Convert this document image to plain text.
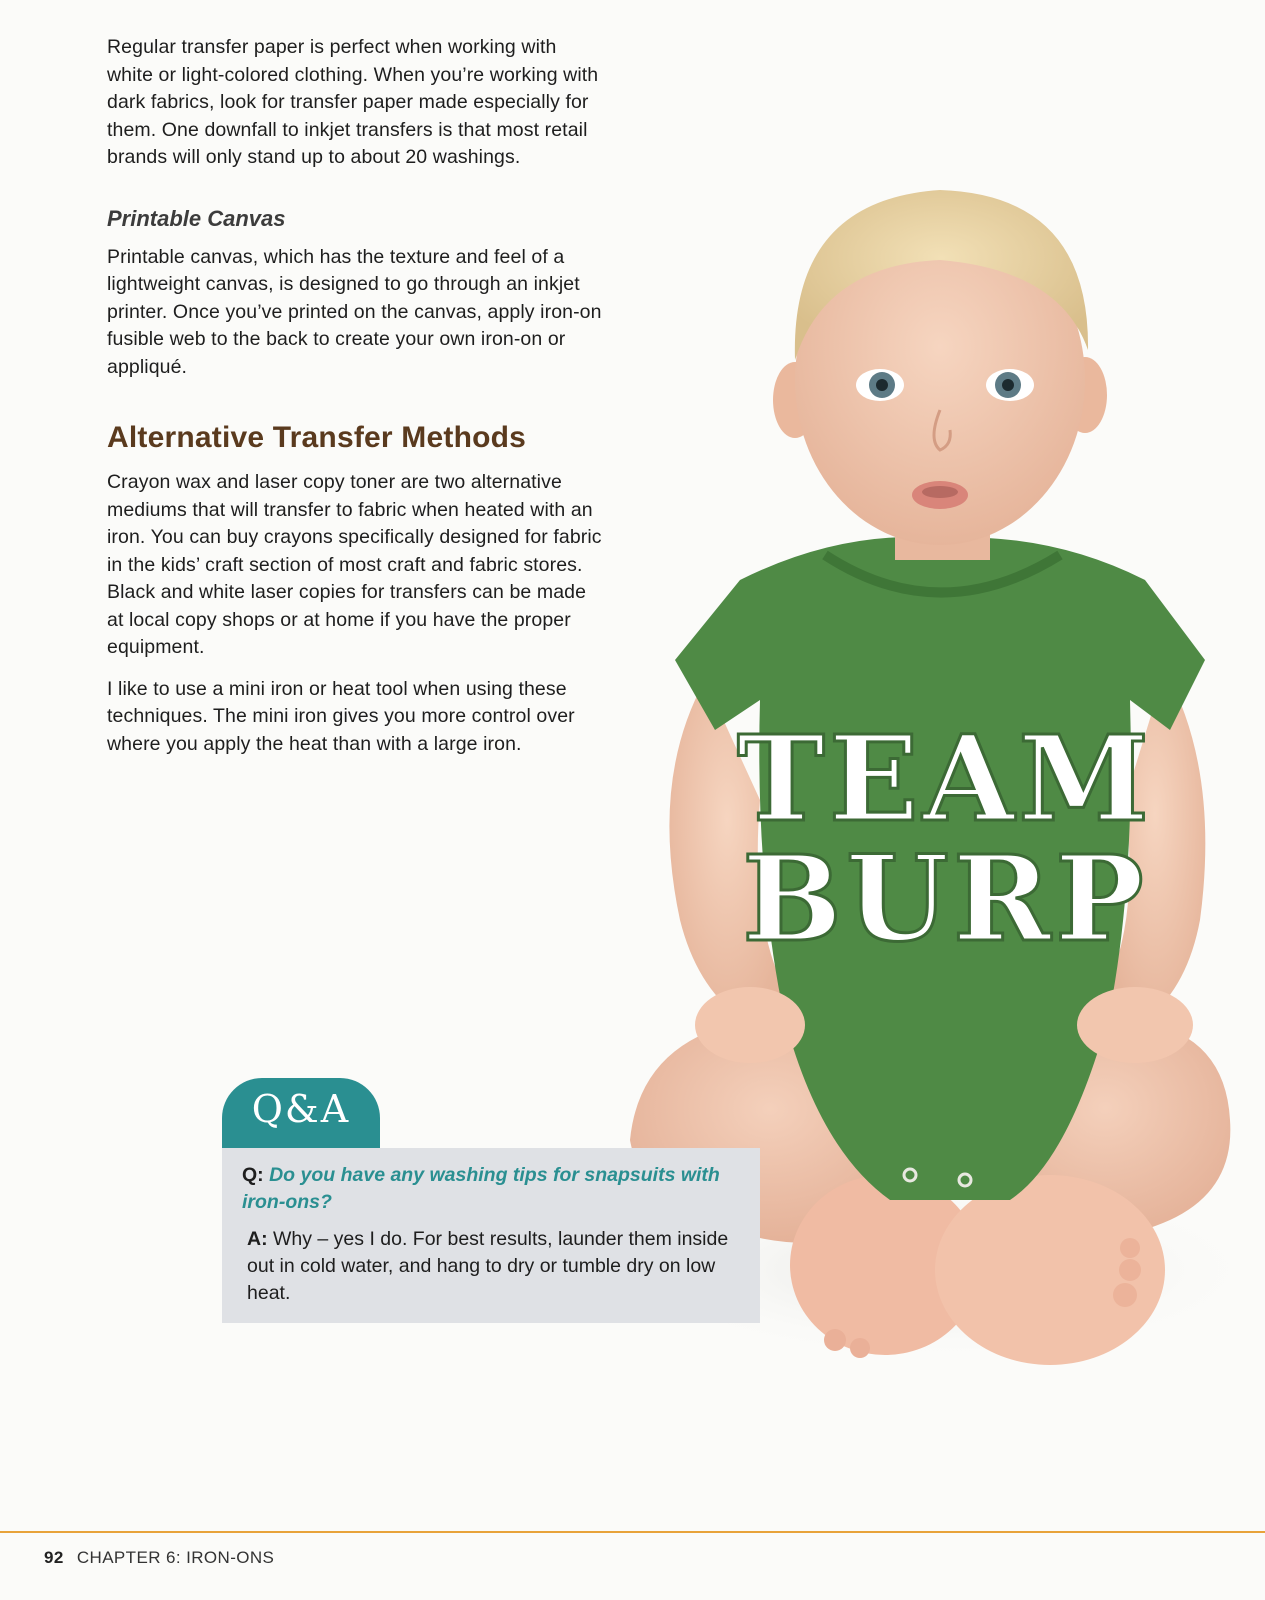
Regular transfer paper is perfect when working with white or light-colored clothing. When you’re working with dark fabrics, look for transfer paper made especially for them. One downfall to inkjet transfers is that most retail brands will only stand up to about 20 washings.

Printable Canvas

Printable canvas, which has the texture and feel of a lightweight canvas, is designed to go through an inkjet printer. Once you’ve printed on the canvas, apply iron-on fusible web to the back to create your own iron-on or appliqué.

Alternative Transfer Methods

Crayon wax and laser copy toner are two alternative mediums that will transfer to fabric when heated with an iron. You can buy crayons specifically designed for fabric in the kids’ craft section of most craft and fabric stores. Black and white laser copies for transfers can be made at local copy shops or at home if you have the proper equipment.

I like to use a mini iron or heat tool when using these techniques. The mini iron gives you more control over where you apply the heat than with a large iron.	TEAM
BURP
Q&A

Q: Do you have any washing tips for snapsuits with iron-ons?

A: Why – yes I do. For best results, launder them inside out in cold water, and hang to dry or tumble dry on low heat.

92 CHAPTER 6: IRON-ONS
